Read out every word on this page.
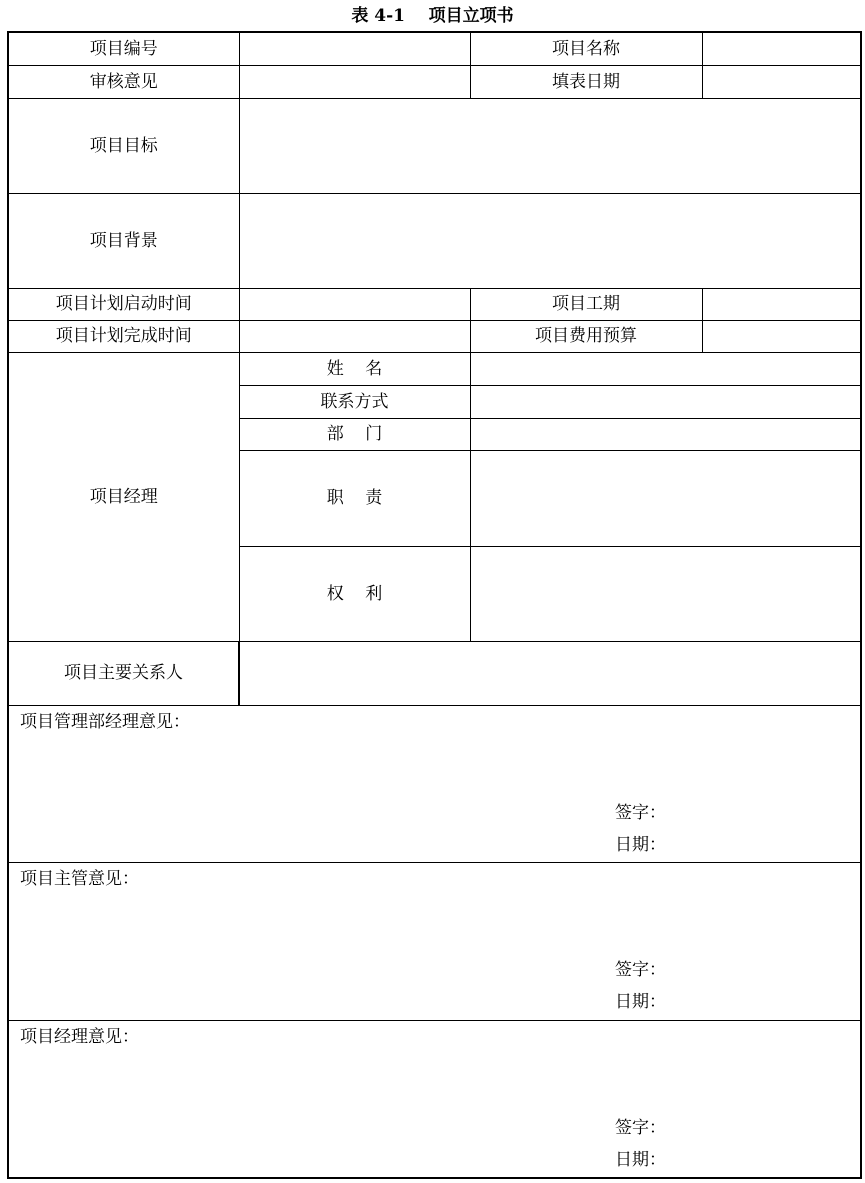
表 4-1    项目立项书
项目编号		项目名称	
审核意见		填表日期	
项目目标			
项目背景			
项目计划启动时间		项目工期	
项目计划完成时间		项目费用预算	
项目经理	姓    名		
	联系方式		
	部    门		
	职    责		
	权    利		
项目主要关系人			

项目管理部经理意见：
签字：
日期：			

项目主管意见：
签字：
日期：			

项目经理意见：
签字：
日期：			
